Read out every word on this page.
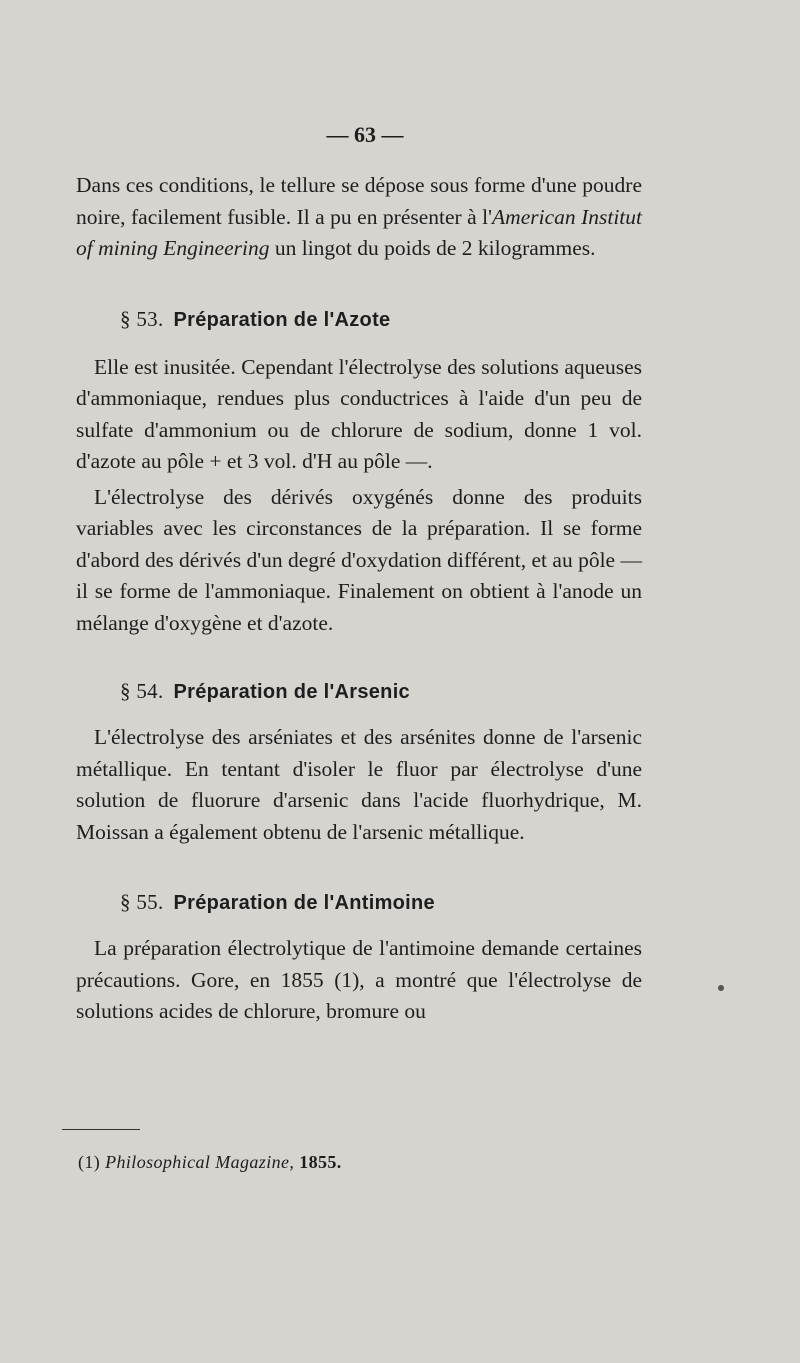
— 63 —

Dans ces conditions, le tellure se dépose sous forme d'une poudre noire, facilement fusible. Il a pu en présenter à l'American Institut of mining Engineering un lingot du poids de 2 kilogrammes.

§ 53. Préparation de l'Azote

Elle est inusitée. Cependant l'électrolyse des solutions aqueuses d'ammoniaque, rendues plus conductrices à l'aide d'un peu de sulfate d'ammonium ou de chlorure de sodium, donne 1 vol. d'azote au pôle + et 3 vol. d'H au pôle —.

L'électrolyse des dérivés oxygénés donne des produits variables avec les circonstances de la préparation. Il se forme d'abord des dérivés d'un degré d'oxydation différent, et au pôle — il se forme de l'ammoniaque. Finalement on obtient à l'anode un mélange d'oxygène et d'azote.

§ 54. Préparation de l'Arsenic

L'électrolyse des arséniates et des arsénites donne de l'arsenic métallique. En tentant d'isoler le fluor par électrolyse d'une solution de fluorure d'arsenic dans l'acide fluorhydrique, M. Moissan a également obtenu de l'arsenic métallique.

§ 55. Préparation de l'Antimoine

La préparation électrolytique de l'antimoine demande certaines précautions. Gore, en 1855 (1), a montré que l'électrolyse de solutions acides de chlorure, bromure ou

(1) Philosophical Magazine, 1855.
